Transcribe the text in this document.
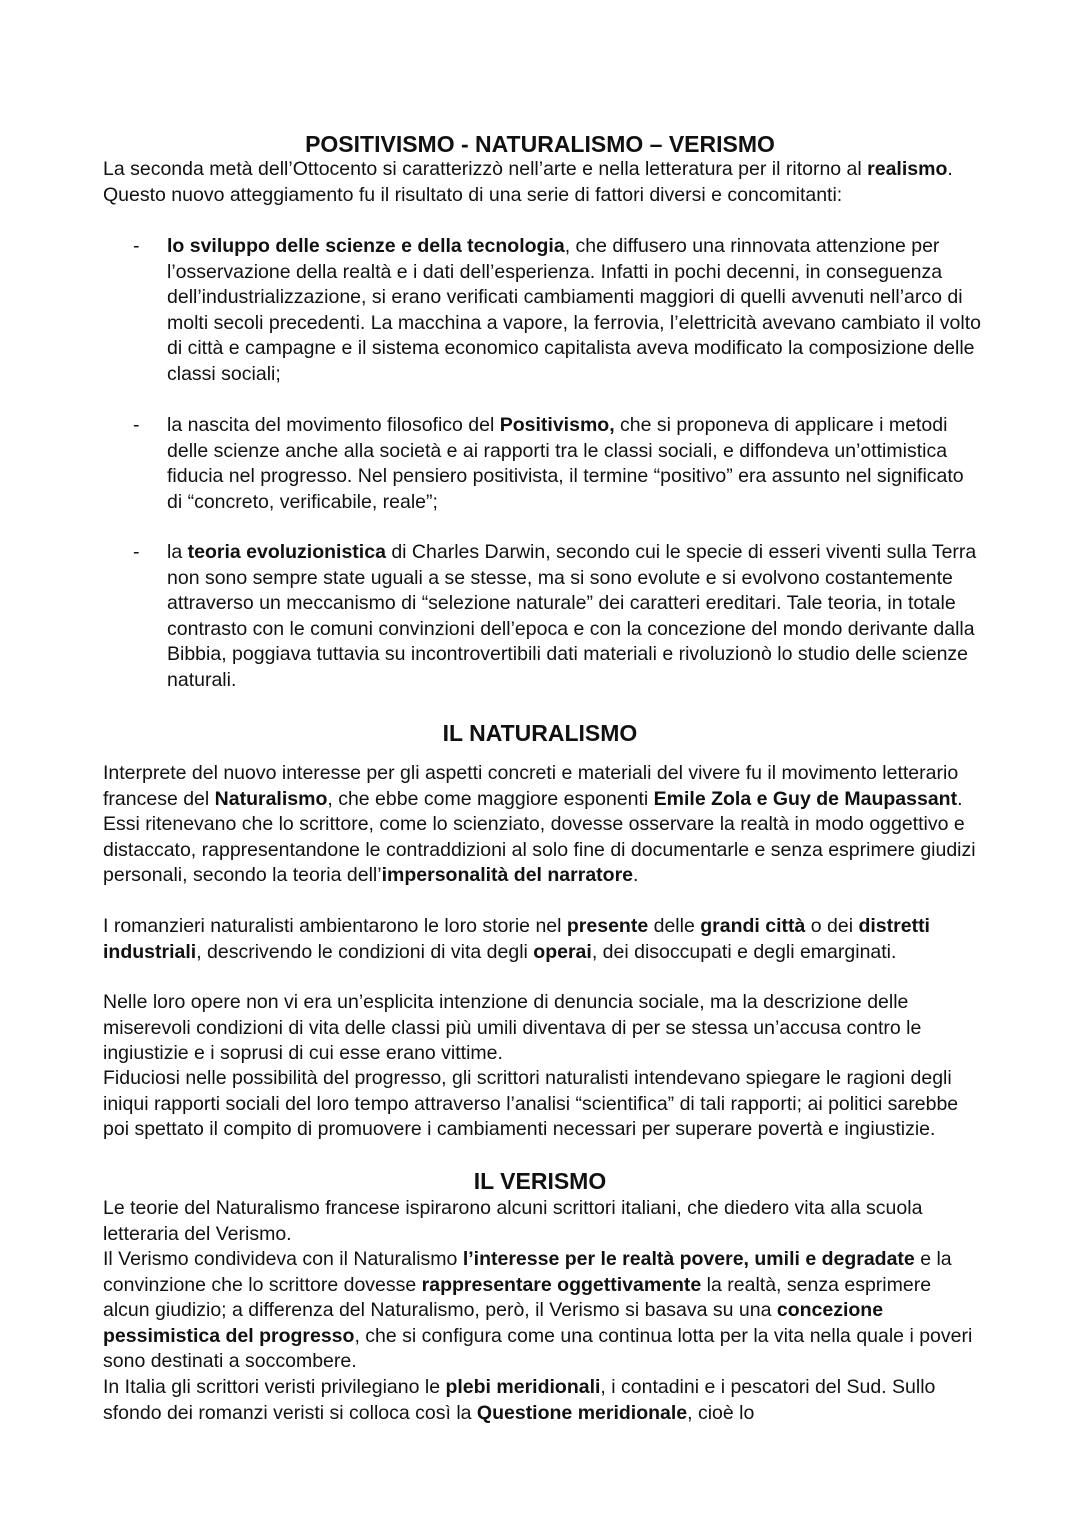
POSITIVISMO - NATURALISMO – VERISMO

La seconda metà dell’Ottocento si caratterizzò nell’arte e nella letteratura per il ritorno al realismo. Questo nuovo atteggiamento fu il risultato di una serie di fattori diversi e concomitanti:

-	lo sviluppo delle scienze e della tecnologia, che diffusero una rinnovata attenzione per l’osservazione della realtà e i dati dell’esperienza. Infatti in pochi decenni, in conseguenza dell’industrializzazione, si erano verificati cambiamenti maggiori di quelli avvenuti nell’arco di molti secoli precedenti. La macchina a vapore, la ferrovia, l’elettricità avevano cambiato il volto di città e campagne e il sistema economico capitalista aveva modificato la composizione delle classi sociali;

-	la nascita del movimento filosofico del Positivismo, che si proponeva di applicare i metodi delle scienze anche alla società e ai rapporti tra le classi sociali, e diffondeva un’ottimistica fiducia nel progresso. Nel pensiero positivista, il termine “positivo” era assunto nel significato di “concreto, verificabile, reale”;

-	la teoria evoluzionistica di Charles Darwin, secondo cui le specie di esseri viventi sulla Terra non sono sempre state uguali a se stesse, ma si sono evolute e si evolvono costantemente attraverso un meccanismo di “selezione naturale” dei caratteri ereditari. Tale teoria, in totale contrasto con le comuni convinzioni dell’epoca e con la concezione del mondo derivante dalla Bibbia, poggiava tuttavia su incontrovertibili dati materiali e rivoluzionò lo studio delle scienze naturali.

IL NATURALISMO

Interprete del nuovo interesse per gli aspetti concreti e materiali del vivere fu il movimento letterario francese del Naturalismo, che ebbe come maggiore esponenti Emile Zola e Guy de Maupassant. Essi ritenevano che lo scrittore, come lo scienziato, dovesse osservare la realtà in modo oggettivo e distaccato, rappresentandone le contraddizioni al solo fine di documentarle e senza esprimere giudizi personali, secondo la teoria dell’impersonalità del narratore.

I romanzieri naturalisti ambientarono le loro storie nel presente delle grandi città o dei distretti industriali, descrivendo le condizioni di vita degli operai, dei disoccupati e degli emarginati.

Nelle loro opere non vi era un’esplicita intenzione di denuncia sociale, ma la descrizione delle miserevoli condizioni di vita delle classi più umili diventava di per se stessa un’accusa contro le ingiustizie e i soprusi di cui esse erano vittime.

Fiduciosi nelle possibilità del progresso, gli scrittori naturalisti intendevano spiegare le ragioni degli iniqui rapporti sociali del loro tempo attraverso l’analisi “scientifica” di tali rapporti; ai politici sarebbe poi spettato il compito di promuovere i cambiamenti necessari per superare povertà e ingiustizie.

IL VERISMO

Le teorie del Naturalismo francese ispirarono alcuni scrittori italiani, che diedero vita alla scuola letteraria del Verismo.

Il Verismo condivideva con il Naturalismo l’interesse per le realtà povere, umili e degradate e la convinzione che lo scrittore dovesse rappresentare oggettivamente la realtà, senza esprimere alcun giudizio; a differenza del Naturalismo, però, il Verismo si basava su una concezione pessimistica del progresso, che si configura come una continua lotta per la vita nella quale i poveri sono destinati a soccombere.

In Italia gli scrittori veristi privilegiano le plebi meridionali, i contadini e i pescatori del Sud. Sullo sfondo dei romanzi veristi si colloca così la Questione meridionale, cioè lo
